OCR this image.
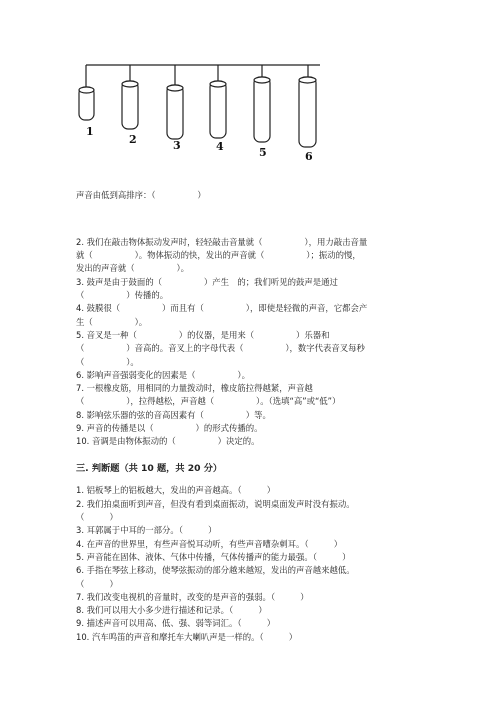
1
2	3	4	5	6
声音由低到高排序：（　　　　　）
2. 我们在敲击物体振动发声时，轻轻敲击音量就（　　　　　），用力敲击音量
就（　　　　　）。物体振动的快，发出的声音就（　　　　　）；振动的慢，
发出的声音就（　　　　　）。
3. 鼓声是由于鼓面的（　　　　　）产生　的；我们听见的鼓声是通过
（　　　　　）传播的。
4. 鼓膜很（　　　　　）而且有（　　　　　），即使是轻微的声音，它都会产
生（　　　　　）。
5. 音叉是一种（　　　　　）的仪器，是用来（　　　　　）乐器和
（　　　　　）音高的。音叉上的字母代表（　　　　　），数字代表音叉每秒
（　　　　　）。
6. 影响声音强弱变化的因素是（　　　　　）。
7. 一根橡皮筋，用相同的力量拨动时，橡皮筋拉得越紧，声音越
（　　　　　），拉得越松，声音越（　　　　　）。（选填“高”或“低”）
8. 影响弦乐器的弦的音高因素有（　　　　　）等。
9. 声音的传播是以（　　　　　）的形式传播的。
10. 音调是由物体振动的（　　　　　）决定的。
三. 判断题（共 10 题，共 20 分）
1. 铝板琴上的铝板越大，发出的声音越高。（　　　）
2. 我们拍桌面听到声音，但没有看到桌面振动，说明桌面发声时没有振动。
（　　　）
3. 耳郭属于中耳的一部分。（　　　）
4. 在声音的世界里，有些声音悦耳动听，有些声音嘈杂刺耳。（　　　）
5. 声音能在固体、液体、气体中传播，气体传播声的能力最强。（　　　）
6. 手指在琴弦上移动，使琴弦振动的部分越来越短，发出的声音越来越低。
（　　　）
7. 我们改变电视机的音量时，改变的是声音的强弱。（　　　）
8. 我们可以用大小多少进行描述和记录。（　　　）
9. 描述声音可以用高、低、强、弱等词汇。（　　　）
10. 汽车鸣笛的声音和摩托车大喇叭声是一样的。（　　　）
